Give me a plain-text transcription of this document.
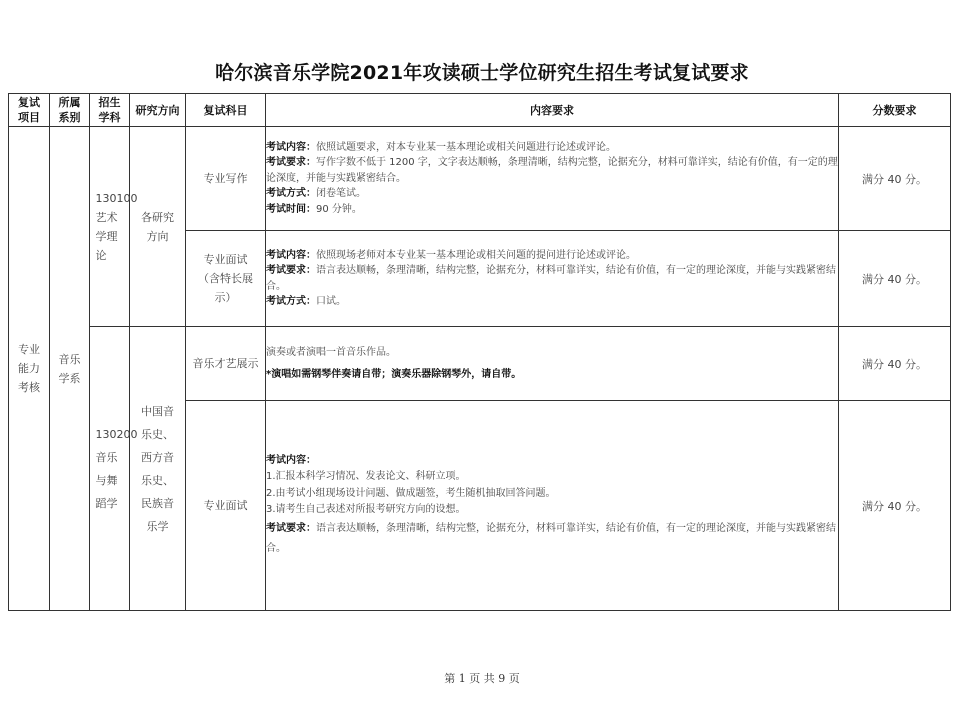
哈尔滨音乐学院2021年攻读硕士学位研究生招生考试复试要求
复试项目	所属系别	招生学科	研究方向	复试科目	内容要求	分数要求

专业能力考核	音乐学系	130100艺术学理论	各研究方向	专业写作	考试内容：依照试题要求，对本专业某一基本理论或相关问题进行论述或评论。
考试要求：写作字数不低于 1200 字，文字表达顺畅，条理清晰，结构完整，论据充分，材料可靠详实，结论有价值，有一定的理论深度，并能与实践紧密结合。
考试方式：闭卷笔试。
考试时间：90 分钟。	满分 40 分。

				专业面试（含特长展示）	考试内容：依照现场老师对本专业某一基本理论或相关问题的提问进行论述或评论。
考试要求：语言表达顺畅，条理清晰，结构完整，论据充分，材料可靠详实，结论有价值，有一定的理论深度，并能与实践紧密结合。
考试方式：口试。	满分 40 分。

		130200音乐与舞蹈学	中国音乐史、西方音乐史、民族音乐学	音乐才艺展示	演奏或者演唱一首音乐作品。
*演唱如需钢琴伴奏请自带；演奏乐器除钢琴外，请自带。	满分 40 分。
				专业面试	考试内容：
1.汇报本科学习情况、发表论文、科研立项。
2.由考试小组现场设计问题、做成题签，考生随机抽取回答问题。
3.请考生自己表述对所报考研究方向的设想。
考试要求：语言表达顺畅，条理清晰，结构完整，论据充分，材料可靠详实，结论有价值，有一定的理论深度，并能与实践紧密结合。	满分 40 分。
第 1 页 共 9 页
